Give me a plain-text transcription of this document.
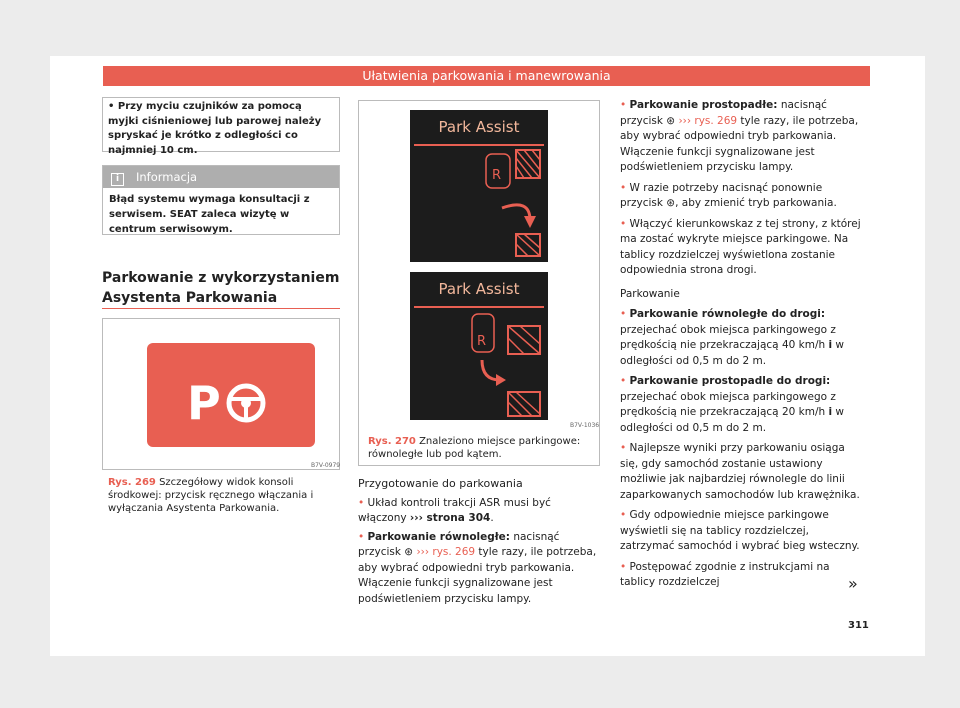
Ułatwienia parkowania i manewrowania
• Przy myciu czujników za pomocą myjki ciśnieniowej lub parowej należy spryskać je krótko z odległości co najmniej 10 cm.
i Informacja
Błąd systemu wymaga konsultacji z serwisem. SEAT zaleca wizytę w centrum serwisowym.
Parkowanie z wykorzystaniem Asystenta Parkowania
P
B7V-0979
Rys. 269 Szczegółowy widok konsoli środkowej: przycisk ręcznego włączania i wyłączania Asystenta Parkowania.
Park Assist
R
Park Assist
R
B7V-1036
Rys. 270 Znaleziono miejsce parkingowe: równoległe lub pod kątem.

Przygotowanie do parkowania

• Układ kontroli trakcji ASR musi być włączony ››› strona 304.

• Parkowanie równoległe: nacisnąć przycisk ⊛ ››› rys. 269 tyle razy, ile potrzeba, aby wybrać odpowiedni tryb parkowania. Włączenie funkcji sygnalizowane jest podświetleniem przycisku lampy.

• Parkowanie prostopadłe: nacisnąć przycisk ⊛ ››› rys. 269 tyle razy, ile potrzeba, aby wybrać odpowiedni tryb parkowania. Włączenie funkcji sygnalizowane jest podświetleniem przycisku lampy.

• W razie potrzeby nacisnąć ponownie przycisk ⊛, aby zmienić tryb parkowania.

• Włączyć kierunkowskaz z tej strony, z której ma zostać wykryte miejsce parkingowe. Na tablicy rozdzielczej wyświetlona zostanie odpowiednia strona drogi.

Parkowanie

• Parkowanie równoległe do drogi: przejechać obok miejsca parkingowego z prędkością nie przekraczającą 40 km/h i w odległości od 0,5 m do 2 m.

• Parkowanie prostopadle do drogi: przejechać obok miejsca parkingowego z prędkością nie przekraczającą 20 km/h i w odległości od 0,5 m do 2 m.

• Najlepsze wyniki przy parkowaniu osiąga się, gdy samochód zostanie ustawiony możliwie jak najbardziej równolegle do linii zaparkowanych samochodów lub krawężnika.

• Gdy odpowiednie miejsce parkingowe wyświetli się na tablicy rozdzielczej, zatrzymać samochód i wybrać bieg wsteczny.

• Postępować zgodnie z instrukcjami na tablicy rozdzielczej	»
311
